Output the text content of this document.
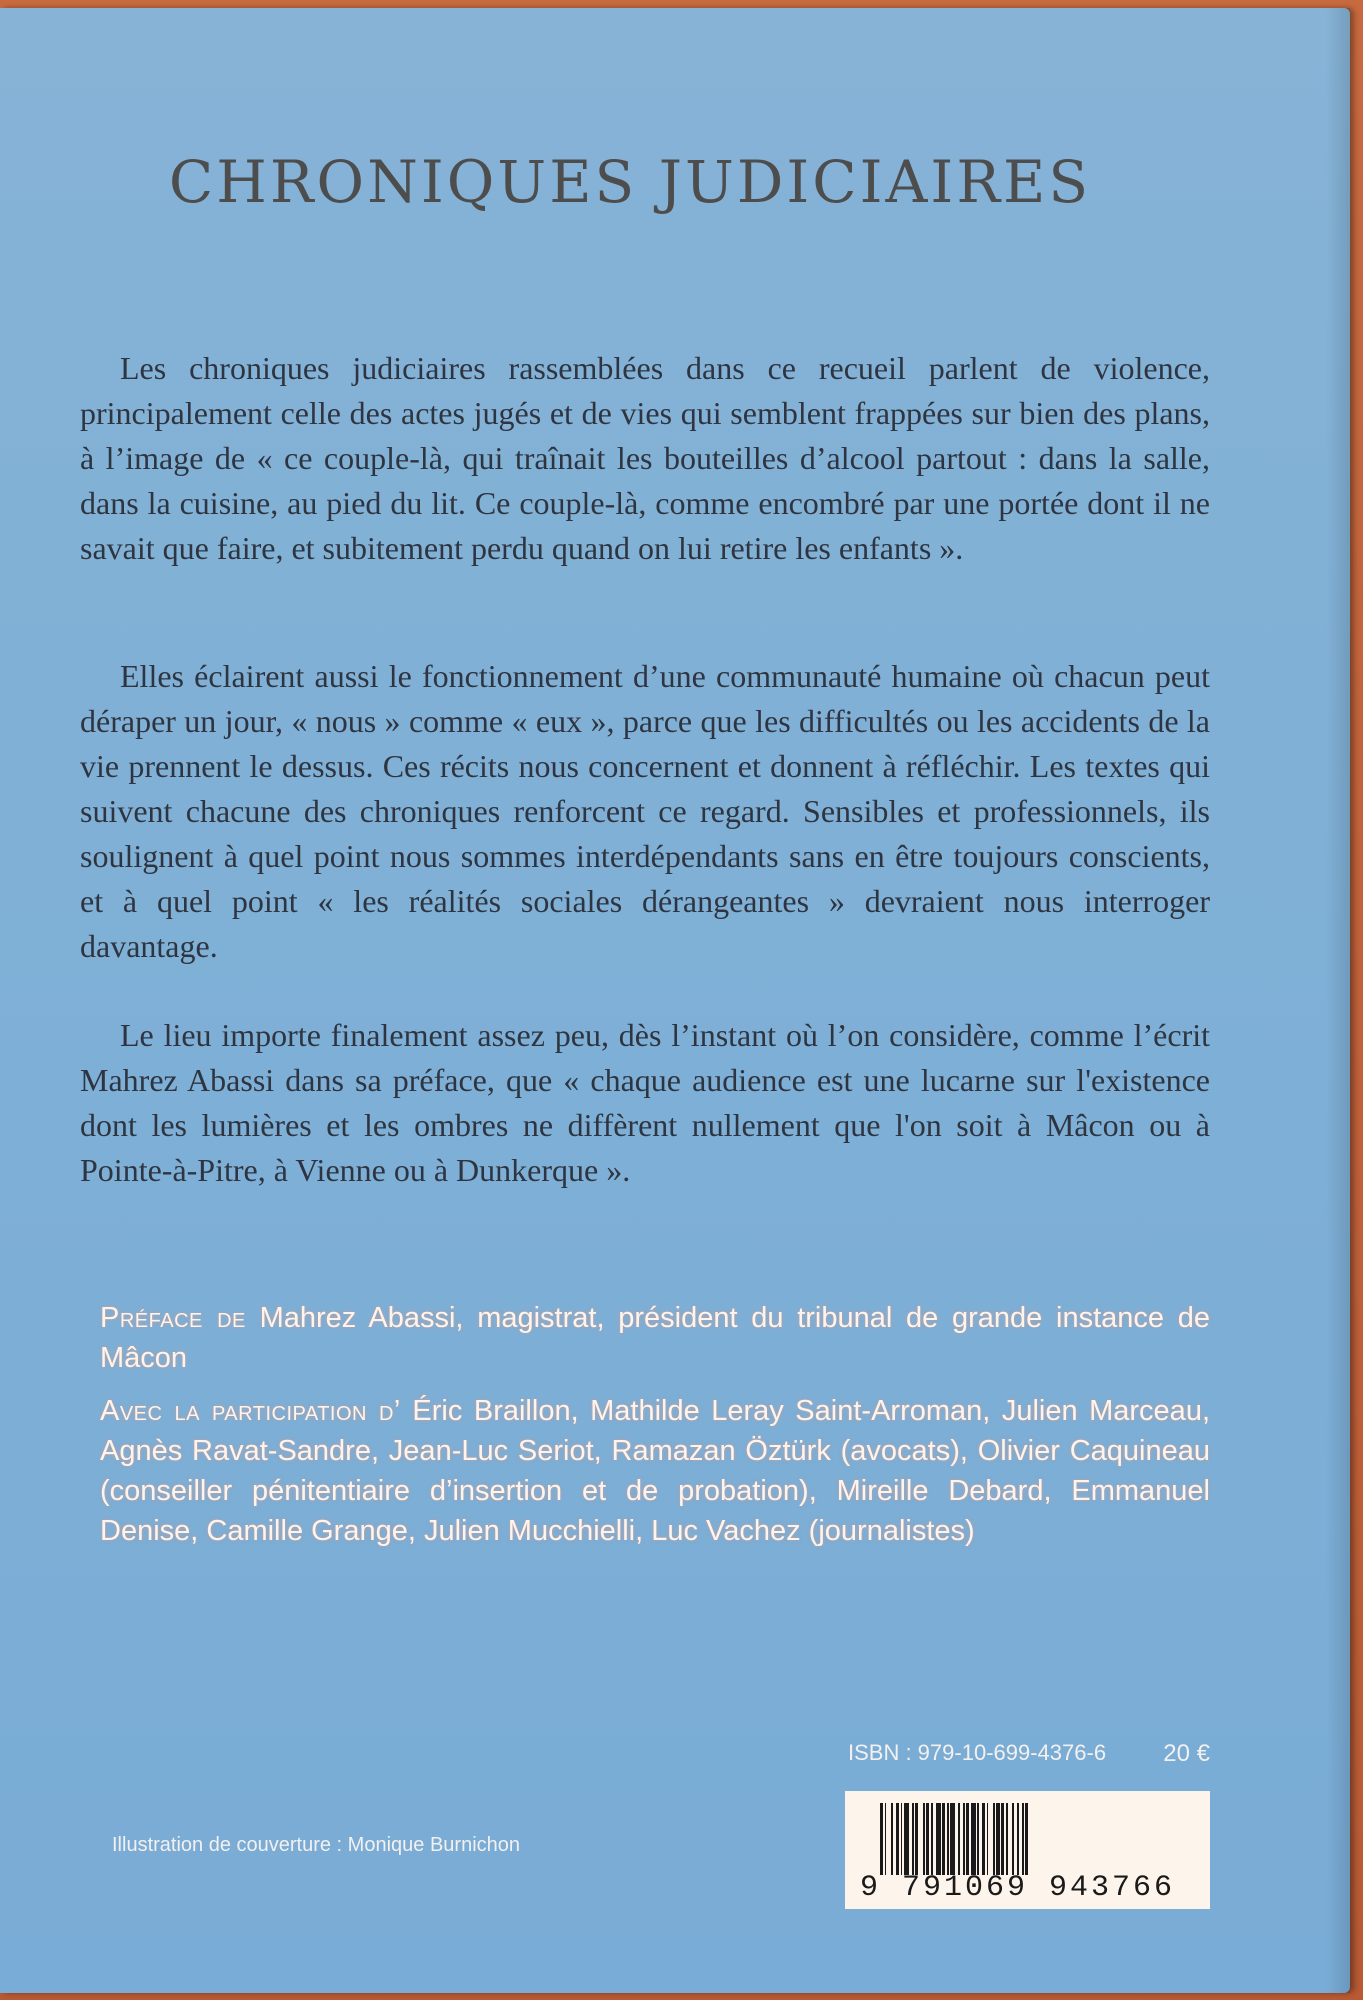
CHRONIQUES JUDICIAIRES

Les chroniques judiciaires rassemblées dans ce recueil parlent de violence, principalement celle des actes jugés et de vies qui semblent frappées sur bien des plans, à l’image de « ce couple-là, qui traînait les bouteilles d’alcool partout : dans la salle, dans la cuisine, au pied du lit. Ce couple-là, comme encombré par une portée dont il ne savait que faire, et subitement perdu quand on lui retire les enfants ».

Elles éclairent aussi le fonctionnement d’une communauté humaine où chacun peut déraper un jour, « nous » comme « eux », parce que les difficultés ou les accidents de la vie prennent le dessus. Ces récits nous concernent et donnent à réfléchir. Les textes qui suivent chacune des chroniques renforcent ce regard. Sensibles et professionnels, ils soulignent à quel point nous sommes interdépendants sans en être toujours conscients, et à quel point « les réalités sociales dérangeantes » devraient nous interroger davantage.

Le lieu importe finalement assez peu, dès l’instant où l’on considère, comme l’écrit Mahrez Abassi dans sa préface, que « chaque audience est une lucarne sur l'existence dont les lumières et les ombres ne diffèrent nullement que l'on soit à Mâcon ou à Pointe-à-Pitre, à Vienne ou à Dunkerque ».

Préface de Mahrez Abassi, magistrat, président du tribunal de grande instance de Mâcon

Avec la participation d’ Éric Braillon, Mathilde Leray Saint-Arroman, Julien Marceau, Agnès Ravat-Sandre, Jean-Luc Seriot, Ramazan Öztürk (avocats), Olivier Caquineau (conseiller pénitentiaire d’insertion et de probation), Mireille Debard, Emmanuel Denise, Camille Grange, Julien Mucchielli, Luc Vachez (journalistes)

ISBN : 979-10-699-4376-6 20 €
9 791069 943766
Illustration de couverture : Monique Burnichon
